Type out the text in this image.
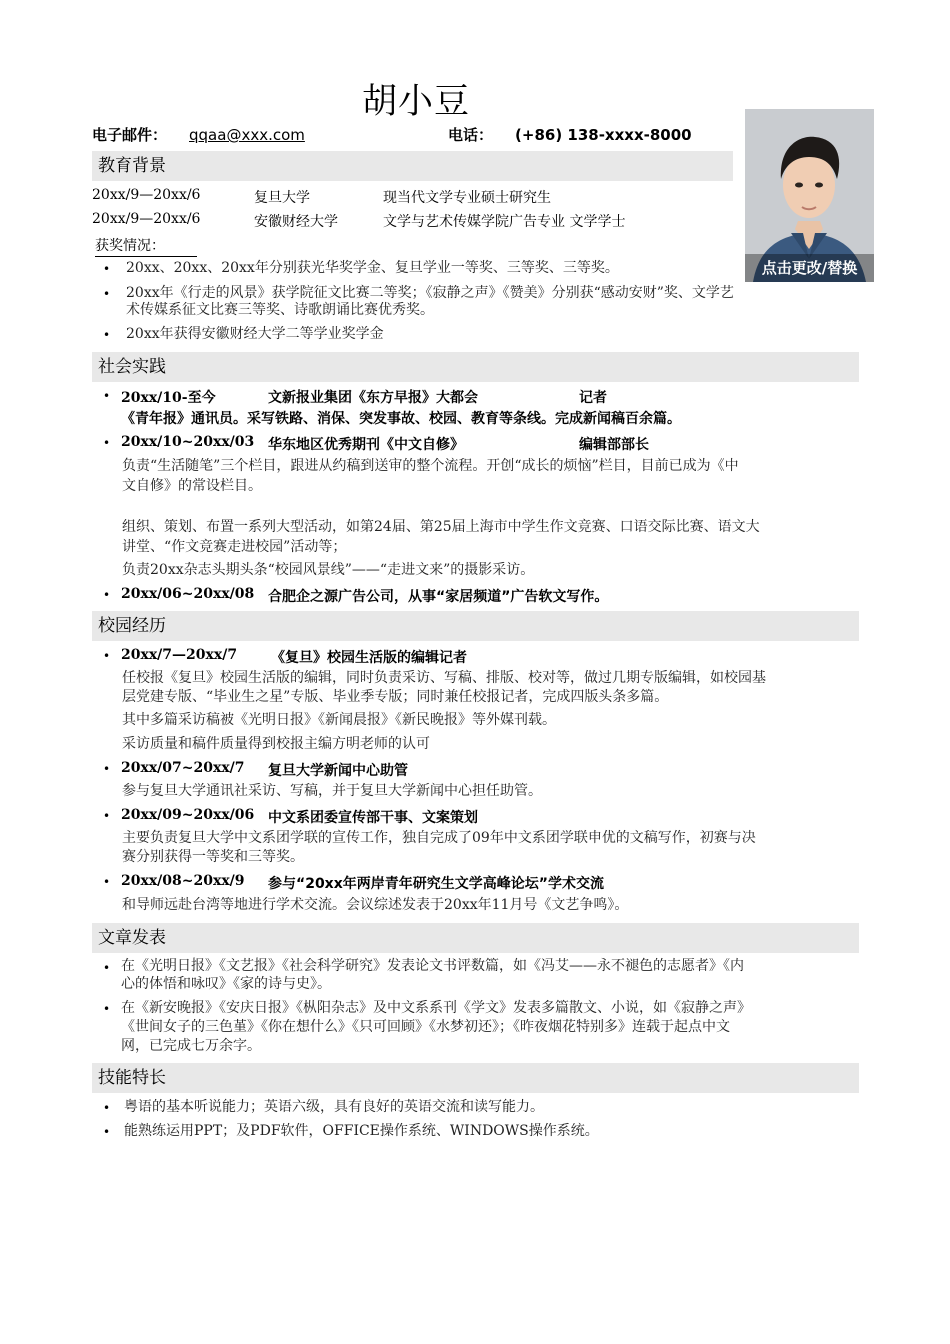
胡小豆
电子邮件： qqaa@xxx.com	电话： (+86) 138-xxxx-8000
点击更改/替换
教育背景
20xx/9—20xx/6	复旦大学	现当代文学专业硕士研究生
20xx/9—20xx/6	安徽财经大学	文学与艺术传媒学院广告专业 文学学士
获奖情况：
• 20xx、20xx、20xx年分别获光华奖学金、复旦学业一等奖、三等奖、三等奖。
• 20xx年《行走的风景》获学院征文比赛二等奖；《寂静之声》《赞美》分别获“感动安财”奖、文学艺
术传媒系征文比赛三等奖、诗歌朗诵比赛优秀奖。
• 20xx年获得安徽财经大学二等学业奖学金
社会实践
• 20xx/10-至今	文新报业集团《东方早报》大都会	记者
《青年报》通讯员。采写铁路、消保、突发事故、校园、教育等条线。完成新闻稿百余篇。
• 20xx/10~20xx/03 华东地区优秀期刊《中文自修》	编辑部部长
负责“生活随笔”三个栏目，跟进从约稿到送审的整个流程。开创“成长的烦恼”栏目，目前已成为《中
文自修》的常设栏目。
组织、策划、布置一系列大型活动，如第24届、第25届上海市中学生作文竞赛、口语交际比赛、语文大
讲堂、“作文竞赛走进校园”活动等；
负责20xx杂志头期头条“校园风景线”——“走进文来”的摄影采访。
• 20xx/06~20xx/08 合肥企之源广告公司，从事“家居频道”广告软文写作。
校园经历
• 20xx/7—20xx/7 《复旦》校园生活版的编辑记者
任校报《复旦》校园生活版的编辑，同时负责采访、写稿、排版、校对等，做过几期专版编辑，如校园基
层党建专版、“毕业生之星”专版、毕业季专版；同时兼任校报记者，完成四版头条多篇。
其中多篇采访稿被《光明日报》《新闻晨报》《新民晚报》等外媒刊载。
采访质量和稿件质量得到校报主编方明老师的认可
• 20xx/07~20xx/7 复旦大学新闻中心助管
参与复旦大学通讯社采访、写稿，并于复旦大学新闻中心担任助管。
• 20xx/09~20xx/06 中文系团委宣传部干事、文案策划
主要负责复旦大学中文系团学联的宣传工作，独自完成了09年中文系团学联申优的文稿写作，初赛与决
赛分别获得一等奖和三等奖。
• 20xx/08~20xx/9 参与“20xx年两岸青年研究生文学高峰论坛”学术交流
和导师远赴台湾等地进行学术交流。会议综述发表于20xx年11月号《文艺争鸣》。
文章发表
• 在《光明日报》《文艺报》《社会科学研究》发表论文书评数篇，如《冯艾——永不褪色的志愿者》《内
心的体悟和咏叹》《家的诗与史》。
• 在《新安晚报》《安庆日报》《枞阳杂志》及中文系系刊《学文》发表多篇散文、小说，如《寂静之声》
《世间女子的三色堇》《你在想什么》《只可回顾》《水梦初还》；《昨夜烟花特别多》连载于起点中文
网，已完成七万余字。
技能特长
• 粤语的基本听说能力；英语六级，具有良好的英语交流和读写能力。
• 能熟练运用PPT；及PDF软件，OFFICE操作系统、WINDOWS操作系统。
